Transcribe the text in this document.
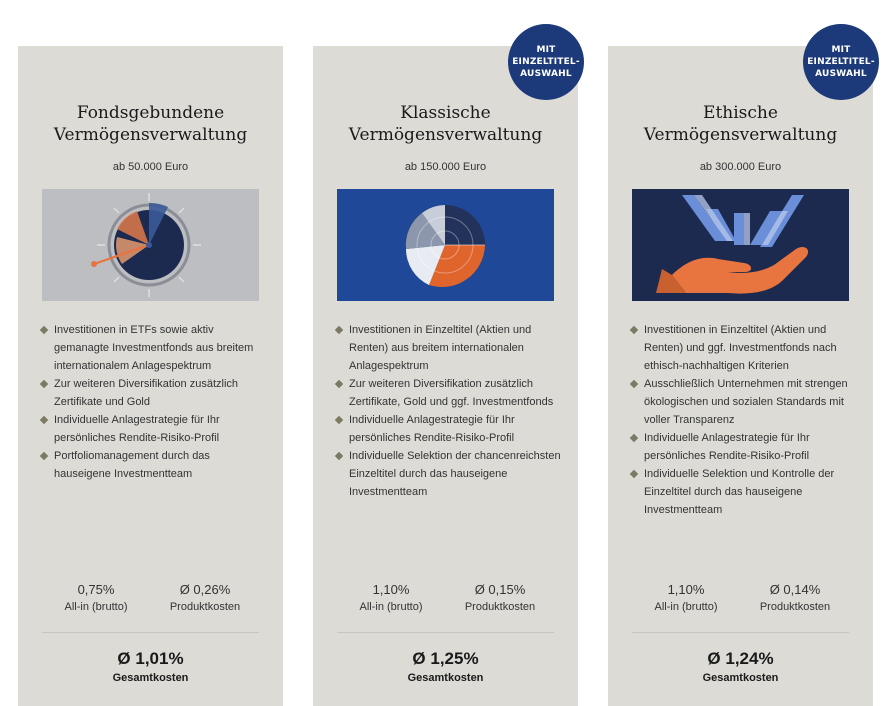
Fondsgebundene
Vermögensverwaltung
ab 50.000 Euro
Investitionen in ETFs sowie aktiv gemanagte Investmentfonds aus breitem internationalem Anlagespektrum
Zur weiteren Diversifikation zusätzlich Zertifikate und Gold
Individuelle Anlagestrategie für Ihr persönliches Rendite-Risiko-Profil
Portfoliomanagement durch das hauseigene Investmentteam
0,75%
All-in (brutto)
Ø 0,26%
Produktkosten
Ø 1,01%
Gesamtkosten
MIT
EINZELTITEL-
AUSWAHL
Klassische
Vermögensverwaltung
ab 150.000 Euro
Investitionen in Einzeltitel (Aktien und Renten) aus breitem internationalen Anlagespektrum
Zur weiteren Diversifikation zusätzlich Zertifikate, Gold und ggf. Investmentfonds
Individuelle Anlagestrategie für Ihr persönliches Rendite-Risiko-Profil
Individuelle Selektion der chancenreichsten Einzeltitel durch das hauseigene Investmentteam
1,10%
All-in (brutto)
Ø 0,15%
Produktkosten
Ø 1,25%
Gesamtkosten
MIT
EINZELTITEL-
AUSWAHL
Ethische
Vermögensverwaltung
ab 300.000 Euro
Investitionen in Einzeltitel (Aktien und Renten) und ggf. Investmentfonds nach ethisch-nachhaltigen Kriterien
Ausschließlich Unternehmen mit strengen ökologischen und sozialen Standards mit voller Transparenz
Individuelle Anlagestrategie für Ihr persönliches Rendite-Risiko-Profil
Individuelle Selektion und Kontrolle der Einzeltitel durch das hauseigene Investmentteam
1,10%
All-in (brutto)
Ø 0,14%
Produktkosten
Ø 1,24%
Gesamtkosten
